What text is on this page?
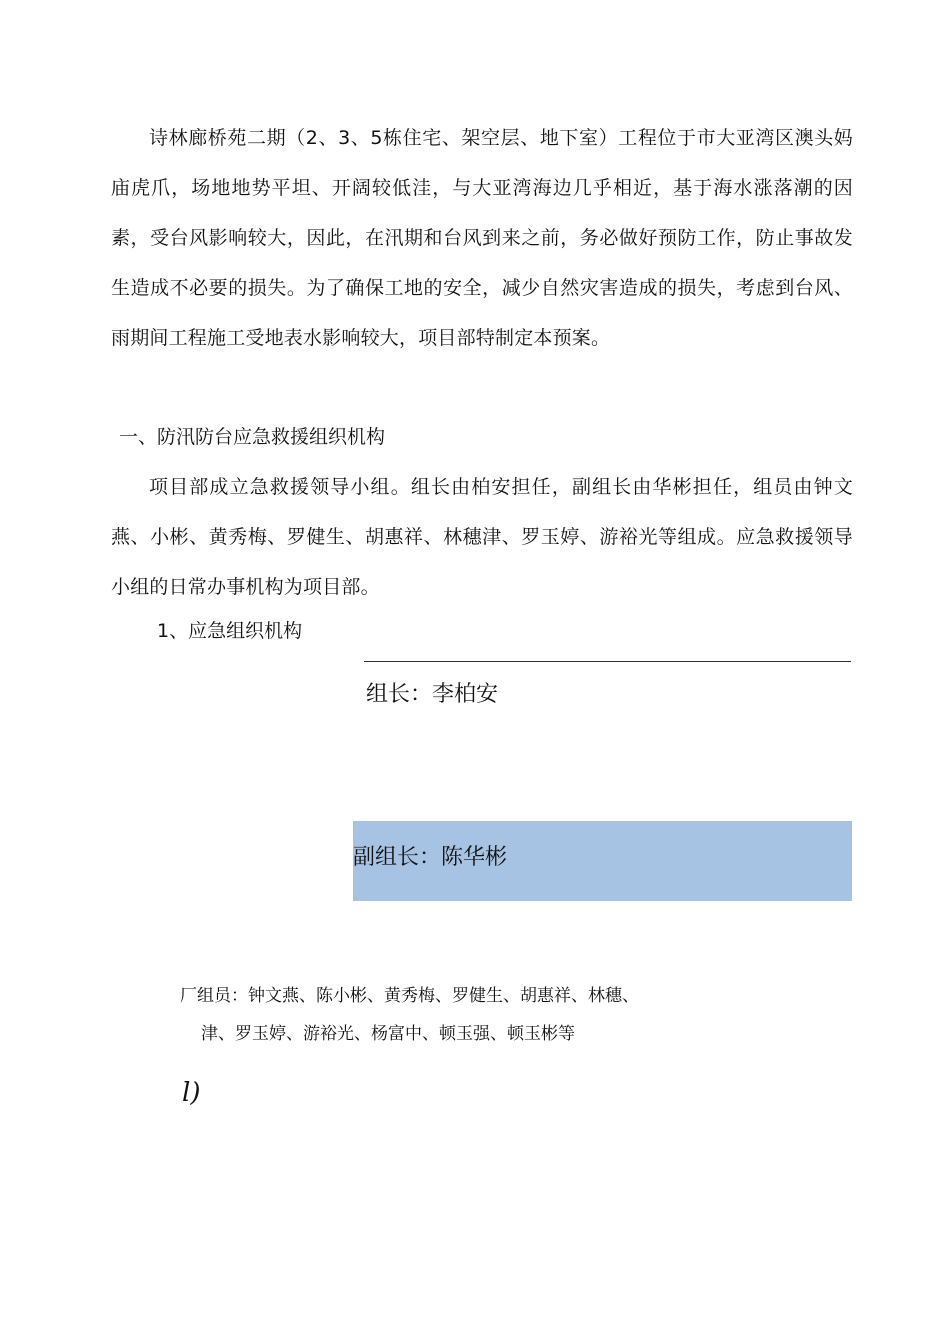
诗林廊桥苑二期（2、3、5栋住宅、架空层、地下室）工程位于市大亚湾区澳头妈庙虎爪，场地地势平坦、开阔较低洼，与大亚湾海边几乎相近，基于海水涨落潮的因素，受台风影响较大，因此，在汛期和台风到来之前，务必做好预防工作，防止事故发生造成不必要的损失。为了确保工地的安全，减少自然灾害造成的损失，考虑到台风、雨期间工程施工受地表水影响较大，项目部特制定本预案。

一、防汛防台应急救援组织机构

项目部成立急救援领导小组。组长由柏安担任，副组长由华彬担任，组员由钟文燕、小彬、黄秀梅、罗健生、胡惠祥、林穗津、罗玉婷、游裕光等组成。应急救援领导小组的日常办事机构为项目部。

1、应急组织机构

组长：李柏安
副组长：陈华彬

厂组员：钟文燕、陈小彬、黄秀梅、罗健生、胡惠祥、林穗、

津、罗玉婷、游裕光、杨富中、顿玉强、顿玉彬等

l)
